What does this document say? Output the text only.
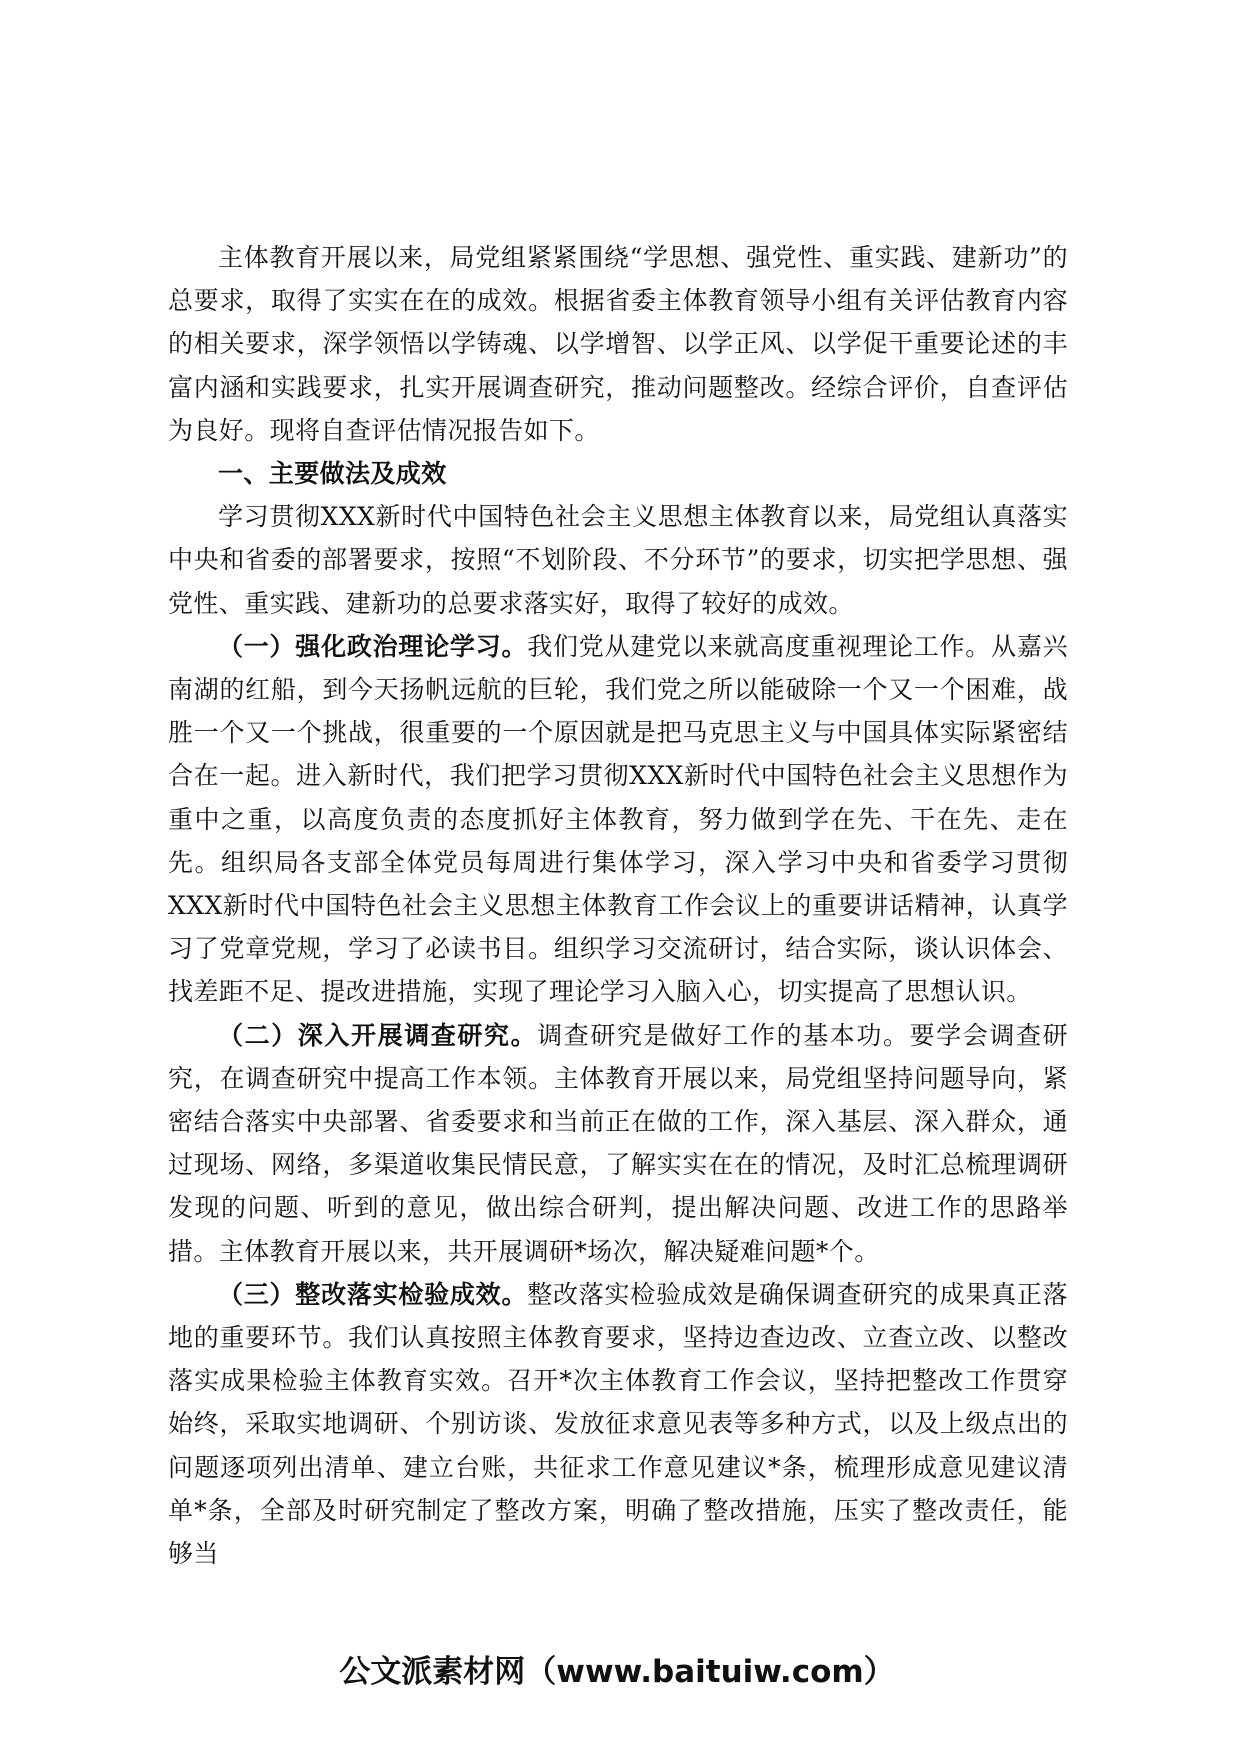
主体教育开展以来，局党组紧紧围绕“学思想、强党性、重实践、建新功”的总要求，取得了实实在在的成效。根据省委主体教育领导小组有关评估教育内容的相关要求，深学领悟以学铸魂、以学增智、以学正风、以学促干重要论述的丰富内涵和实践要求，扎实开展调查研究，推动问题整改。经综合评价，自查评估为良好。现将自查评估情况报告如下。

一、主要做法及成效

学习贯彻XXX新时代中国特色社会主义思想主体教育以来，局党组认真落实中央和省委的部署要求，按照“不划阶段、不分环节”的要求，切实把学思想、强党性、重实践、建新功的总要求落实好，取得了较好的成效。

（一）强化政治理论学习。我们党从建党以来就高度重视理论工作。从嘉兴南湖的红船，到今天扬帆远航的巨轮，我们党之所以能破除一个又一个困难，战胜一个又一个挑战，很重要的一个原因就是把马克思主义与中国具体实际紧密结合在一起。进入新时代，我们把学习贯彻XXX新时代中国特色社会主义思想作为重中之重，以高度负责的态度抓好主体教育，努力做到学在先、干在先、走在先。组织局各支部全体党员每周进行集体学习，深入学习中央和省委学习贯彻XXX新时代中国特色社会主义思想主体教育工作会议上的重要讲话精神，认真学习了党章党规，学习了必读书目。组织学习交流研讨，结合实际，谈认识体会、找差距不足、提改进措施，实现了理论学习入脑入心，切实提高了思想认识。

（二）深入开展调查研究。调查研究是做好工作的基本功。要学会调查研究，在调查研究中提高工作本领。主体教育开展以来，局党组坚持问题导向，紧密结合落实中央部署、省委要求和当前正在做的工作，深入基层、深入群众，通过现场、网络，多渠道收集民情民意，了解实实在在的情况，及时汇总梳理调研发现的问题、听到的意见，做出综合研判，提出解决问题、改进工作的思路举措。主体教育开展以来，共开展调研*场次，解决疑难问题*个。

（三）整改落实检验成效。整改落实检验成效是确保调查研究的成果真正落地的重要环节。我们认真按照主体教育要求，坚持边查边改、立查立改、以整改落实成果检验主体教育实效。召开*次主体教育工作会议，坚持把整改工作贯穿始终，采取实地调研、个别访谈、发放征求意见表等多种方式，以及上级点出的问题逐项列出清单、建立台账，共征求工作意见建议*条，梳理形成意见建议清单*条，全部及时研究制定了整改方案，明确了整改措施，压实了整改责任，能够当

公文派素材网（www.baituiw.com）
